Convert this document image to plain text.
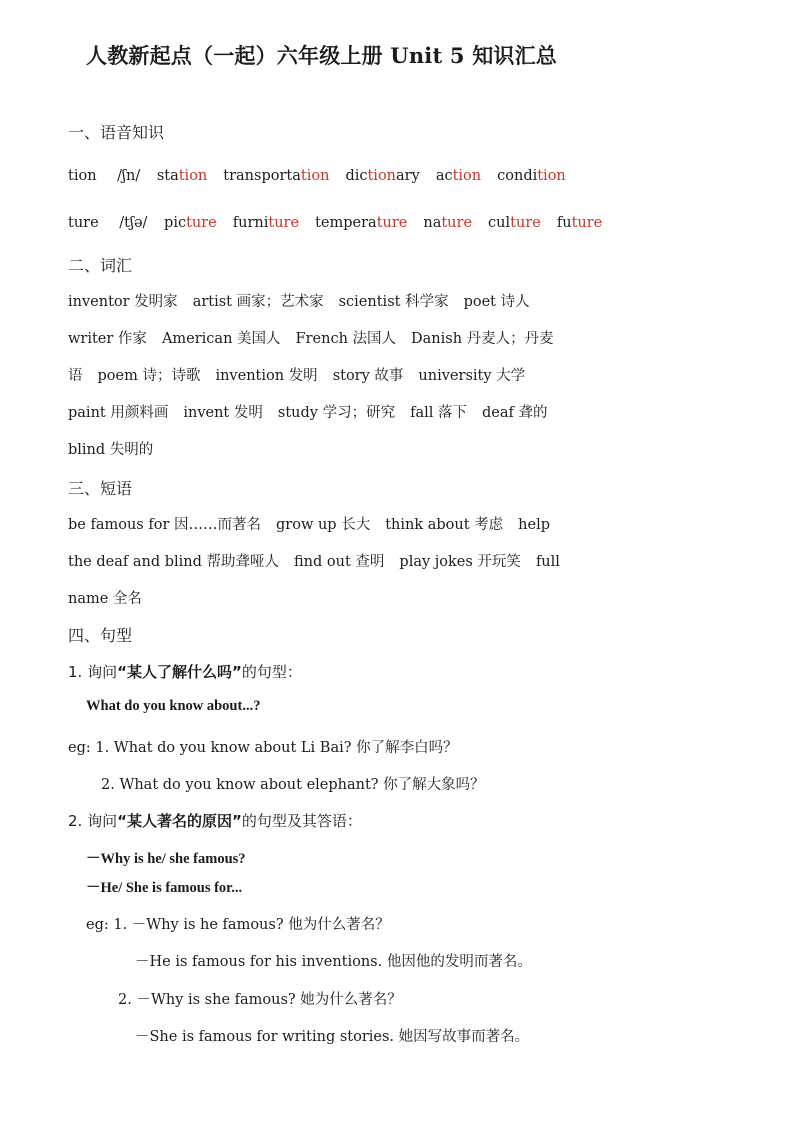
人教新起点（一起）六年级上册 Unit 5 知识汇总
一、语音知识
tion /ʃn/ station transportation dictionary action condition
ture /tʃə/ picture furniture temperature nature culture future
二、词汇
inventor 发明家 artist 画家；艺术家 scientist 科学家 poet 诗人
writer 作家 American 美国人 French 法国人 Danish 丹麦人；丹麦
语 poem 诗；诗歌 invention 发明 story 故事 university 大学
paint 用颜料画 invent 发明 study 学习；研究 fall 落下 deaf 聋的
blind 失明的
三、短语
be famous for 因……而著名 grow up 长大 think about 考虑 help
the deaf and blind 帮助聋哑人 find out 查明 play jokes 开玩笑 full
name 全名
四、句型
1. 询问“某人了解什么吗”的句型：
What do you know about...?
eg: 1. What do you know about Li Bai? 你了解李白吗？
2. What do you know about elephant? 你了解大象吗？
2. 询问“某人著名的原因”的句型及其答语：
－Why is he/ she famous?
－He/ She is famous for...
eg: 1. －Why is he famous? 他为什么著名？
－He is famous for his inventions. 他因他的发明而著名。
2. －Why is she famous? 她为什么著名？
－She is famous for writing stories. 她因写故事而著名。
